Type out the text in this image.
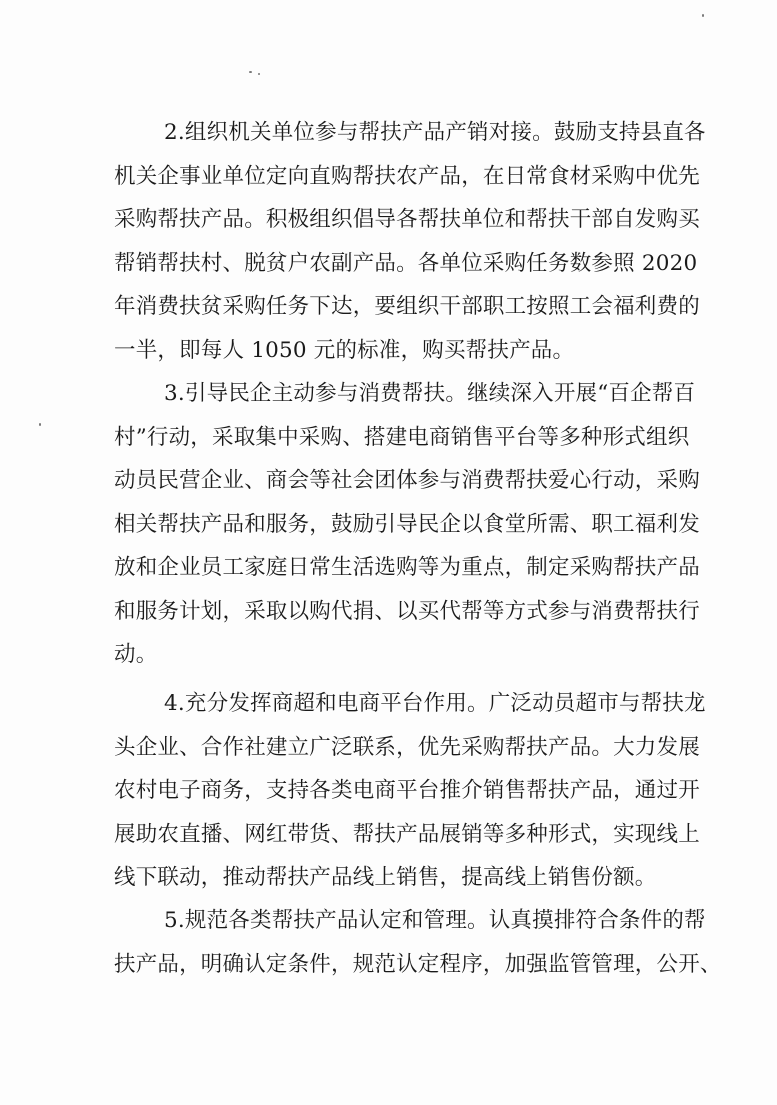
2.组织机关单位参与帮扶产品产销对接。鼓励支持县直各
机关企事业单位定向直购帮扶农产品，在日常食材采购中优先
采购帮扶产品。积极组织倡导各帮扶单位和帮扶干部自发购买
帮销帮扶村、脱贫户农副产品。各单位采购任务数参照 2020
年消费扶贫采购任务下达，要组织干部职工按照工会福利费的
一半，即每人 1050 元的标准，购买帮扶产品。
3.引导民企主动参与消费帮扶。继续深入开展“百企帮百
村”行动，采取集中采购、搭建电商销售平台等多种形式组织
动员民营企业、商会等社会团体参与消费帮扶爱心行动，采购
相关帮扶产品和服务，鼓励引导民企以食堂所需、职工福利发
放和企业员工家庭日常生活选购等为重点，制定采购帮扶产品
和服务计划，采取以购代捐、以买代帮等方式参与消费帮扶行
动。
4.充分发挥商超和电商平台作用。广泛动员超市与帮扶龙
头企业、合作社建立广泛联系，优先采购帮扶产品。大力发展
农村电子商务，支持各类电商平台推介销售帮扶产品，通过开
展助农直播、网红带货、帮扶产品展销等多种形式，实现线上
线下联动，推动帮扶产品线上销售，提高线上销售份额。
5.规范各类帮扶产品认定和管理。认真摸排符合条件的帮
扶产品，明确认定条件，规范认定程序，加强监管管理，公开、
